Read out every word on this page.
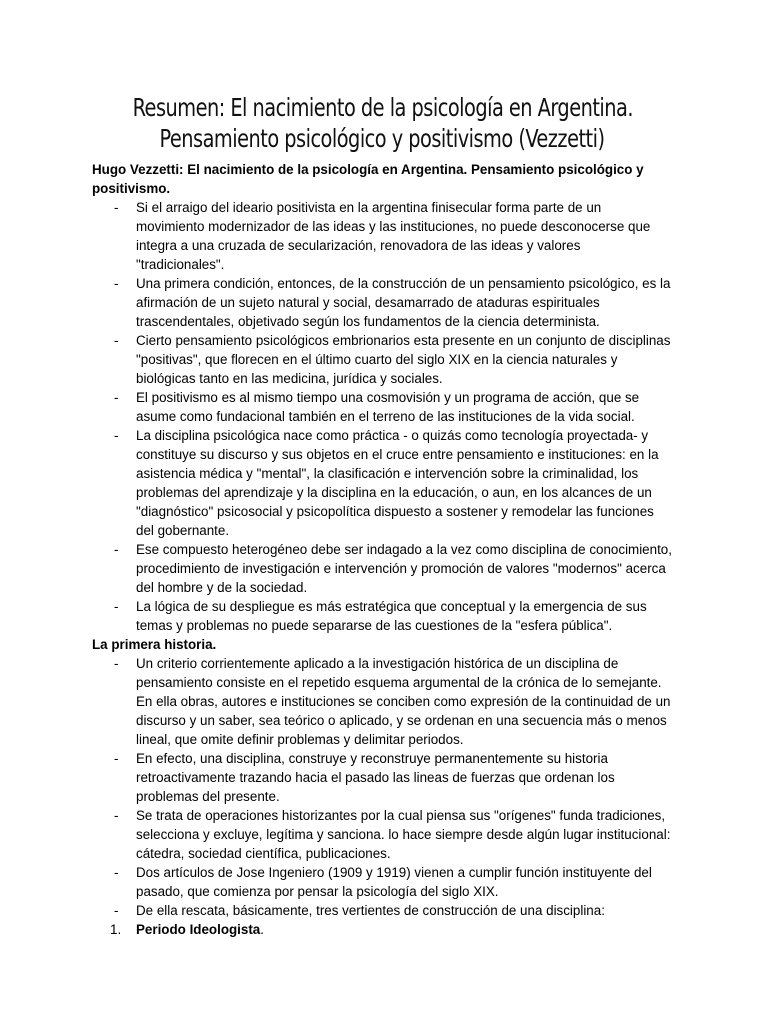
Resumen: El nacimiento de la psicología en Argentina.
Pensamiento psicológico y positivismo (Vezzetti)

Hugo Vezzetti: El nacimiento de la psicología en Argentina. Pensamiento psicológico y positivismo.

-	Si el arraigo del ideario positivista en la argentina finisecular forma parte de un movimiento modernizador de las ideas y las instituciones, no puede desconocerse que integra a una cruzada de secularización, renovadora de las ideas y valores "tradicionales".
-	Una primera condición, entonces, de la construcción de un pensamiento psicológico, es la afirmación de un sujeto natural y social, desamarrado de ataduras espirituales trascendentales, objetivado según los fundamentos de la ciencia determinista.
-	Cierto pensamiento psicológicos embrionarios esta presente en un conjunto de disciplinas "positivas", que florecen en el último cuarto del siglo XIX en la ciencia naturales y biológicas tanto en las medicina, jurídica y sociales.
-	El positivismo es al mismo tiempo una cosmovisión y un programa de acción, que se asume como fundacional también en el terreno de las instituciones de la vida social.
-	La disciplina psicológica nace como práctica - o quizás como tecnología proyectada- y constituye su discurso y sus objetos en el cruce entre pensamiento e instituciones: en la asistencia médica y "mental", la clasificación e intervención sobre la criminalidad, los problemas del aprendizaje y la disciplina en la educación, o aun, en los alcances de un "diagnóstico" psicosocial y psicopolítica dispuesto a sostener y remodelar las funciones del gobernante.
-	Ese compuesto heterogéneo debe ser indagado a la vez como disciplina de conocimiento, procedimiento de investigación e intervención y promoción de valores "modernos" acerca del hombre y de la sociedad.
-	La lógica de su despliegue es más estratégica que conceptual y la emergencia de sus temas y problemas no puede separarse de las cuestiones de la "esfera pública".

La primera historia.

-	Un criterio corrientemente aplicado a la investigación histórica de un disciplina de pensamiento consiste en el repetido esquema argumental de la crónica de lo semejante. En ella obras, autores e instituciones se conciben como expresión de la continuidad de un discurso y un saber, sea teórico o aplicado, y se ordenan en una secuencia más o menos lineal, que omite definir problemas y delimitar periodos.
-	En efecto, una disciplina, construye y reconstruye permanentemente su historia retroactivamente trazando hacia el pasado las lineas de fuerzas que ordenan los problemas del presente.
-	Se trata de operaciones historizantes por la cual piensa sus "orígenes" funda tradiciones, selecciona y excluye, legítima y sanciona. lo hace siempre desde algún lugar institucional: cátedra, sociedad científica, publicaciones.
-	Dos artículos de Jose Ingeniero (1909 y 1919) vienen a cumplir función instituyente del pasado, que comienza por pensar la psicología del siglo XIX.
-	De ella rescata, básicamente, tres vertientes de construcción de una disciplina:
1.	Periodo Ideologista.
